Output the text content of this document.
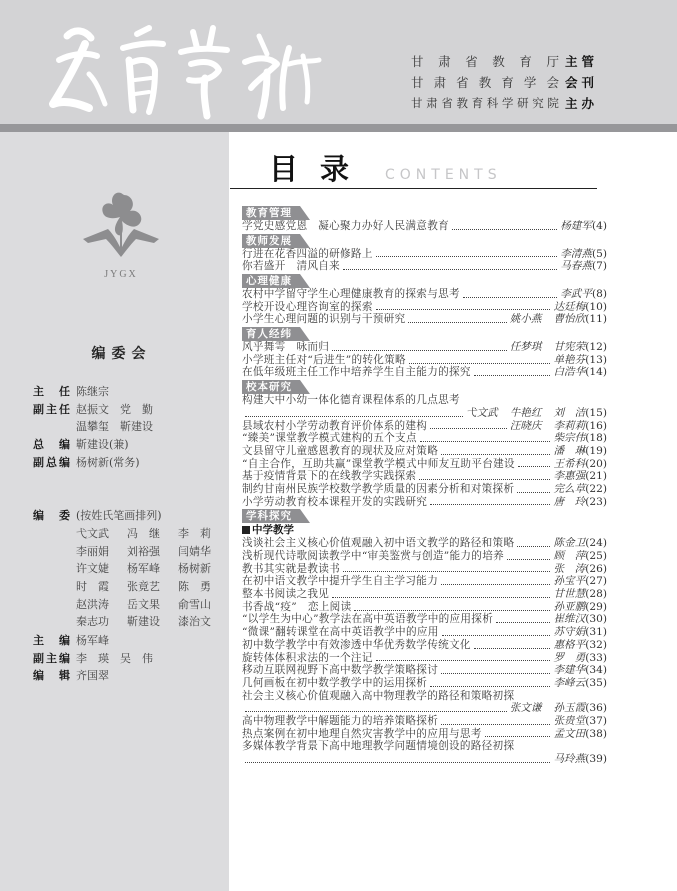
甘 肃 省 教 育 厅 主管
甘 肃 省 教 育 学 会 会刊
甘 肃 省 教 育 科 学 研 究 院 主办
JYGX
编委会
主 任 陈继宗
副 主 任 赵振文　党　勤
温攀玺　靳建设
总 编 靳建设(兼)
副 总 编 杨树新(常务)
编 委 (按姓氏笔画排列)
弋文武	冯　继	李　莉
李丽娟	刘裕强	闫婧华
许文婕	杨军峰	杨树新
时　霞	张竟艺	陈　勇
赵洪涛	岳文果	俞雪山
秦志功	靳建设	漆治文
主 编 杨军峰
副 主 编 李　瑛　吴　伟
编 辑 齐国翠
目录 CONTENTS
教育管理
学党史感党恩　凝心聚力办好人民满意教育	杨建军 (4)
教师发展
行进在花香四溢的研修路上	李清燕 (5)
你若盛开　清风自来	马春燕 (7)
心理健康
农村中学留守学生心理健康教育的探索与思考	李武平 (8)
学校开设心理咨询室的探索	达廷梅 (10)
小学生心理问题的识别与干预研究	姚小燕 曹怡欣 (11)
育人经纬
风乎舞雩　咏而归	任梦琪 甘宪荣 (12)
小学班主任对“后进生”的转化策略	单艳芬 (13)
在低年级班主任工作中培养学生自主能力的探究	白浩华 (14)
校本研究
构建大中小幼一体化德育课程体系的几点思考
弋文武 牛艳红 刘　洁 (15)
县域农村小学劳动教育评价体系的建构	汪晓庆 李莉莉 (16)
“臻美”课堂教学模式建构的五个支点	柴宗伟 (18)
文县留守儿童感恩教育的现状及应对策略	潘　琳 (19)
“自主合作，互助共赢”课堂教学模式中师友互助平台建设	王希科 (20)
基于疫情背景下的在线教学实践探索	李惠强 (21)
制约甘南州民族学校数学教学质量的因素分析和对策探析	完么草 (22)
小学劳动教育校本课程开发的实践研究	唐　玲 (23)
学科探究
中学教学
浅谈社会主义核心价值观融入初中语文教学的路径和策略	陈金卫 (24)
浅析现代诗歌阅读教学中“审美鉴赏与创造”能力的培养	顾　萍 (25)
教书其实就是教读书	张　涛 (26)
在初中语文教学中提升学生自主学习能力	孙宝平 (27)
整本书阅读之我见	甘世慧 (28)
书香战“疫”　恋上阅读	孙亚鹏 (29)
“以学生为中心”教学法在高中英语教学中的应用探析	崔维汉 (30)
“微课”翻转课堂在高中英语教学中的应用	苏守娟 (31)
初中数学教学中有效渗透中华优秀数学传统文化	惠格平 (32)
旋转体体积求法的一个注记	罗　勇 (33)
移动互联网视野下高中数学教学策略探讨	李建华 (34)
几何画板在初中数学教学中的运用探析	李峰云 (35)
社会主义核心价值观融入高中物理教学的路径和策略初探
张文谦 孙玉霞 (36)
高中物理教学中解题能力的培养策略探析	张贵堂 (37)
热点案例在初中地理自然灾害教学中的应用与思考	孟文田 (38)
多媒体教学背景下高中地理教学问题情境创设的路径初探
马玲燕 (39)
